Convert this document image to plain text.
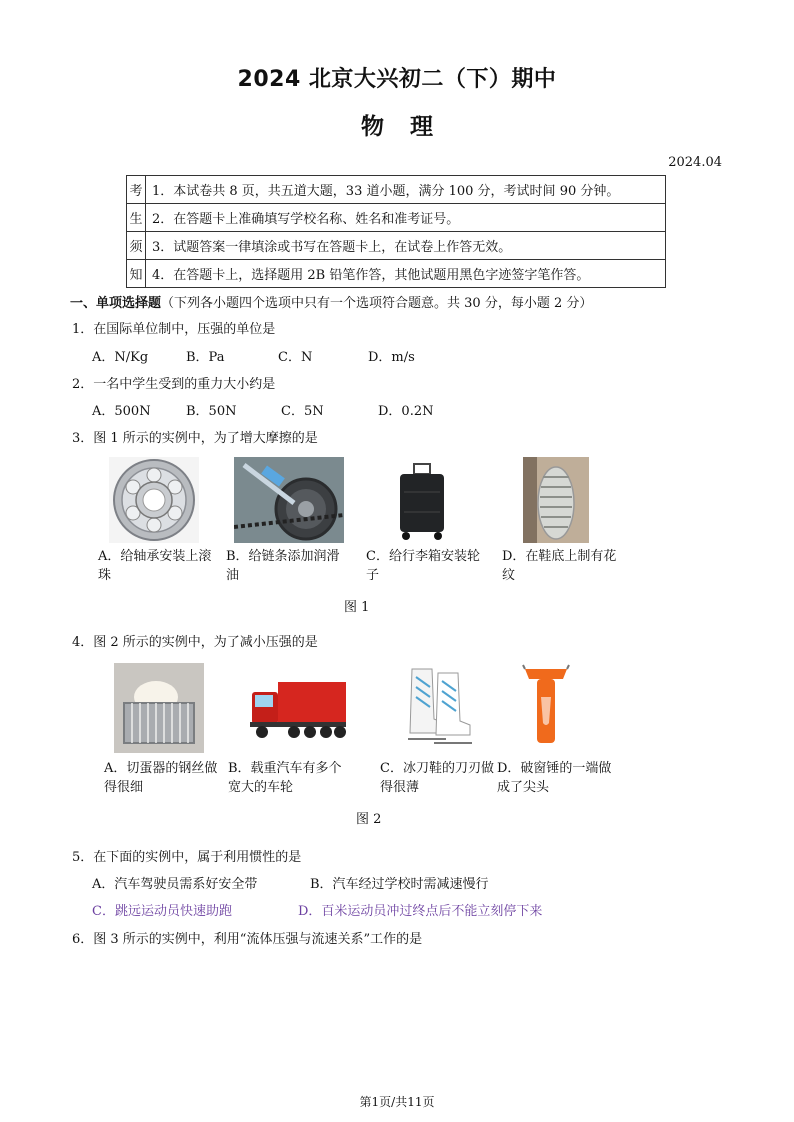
2024 北京大兴初二（下）期中
物理
2024.04
考	1．本试卷共 8 页，共五道大题，33 道小题，满分 100 分，考试时间 90 分钟。
生	2．在答题卡上准确填写学校名称、姓名和准考证号。
须	3．试题答案一律填涂或书写在答题卡上，在试卷上作答无效。
知	4．在答题卡上，选择题用 2B 铅笔作答，其他试题用黑色字迹签字笔作答。
一、单项选择题（下列各小题四个选项中只有一个选项符合题意。共 30 分，每小题 2 分）
1．在国际单位制中，压强的单位是
A．N/Kg	B．Pa	C．N	D．m/s
2．一名中学生受到的重力大小约是
A．500N	B．50N	C．5N	D．0.2N
3．图 1 所示的实例中，为了增大摩擦的是
A．给轴承安装上滚珠
B．给链条添加润滑油
C．给行李箱安装轮子
D．在鞋底上制有花纹
图 1
4．图 2 所示的实例中，为了减小压强的是
A．切蛋器的钢丝做得很细
B．载重汽车有多个宽大的车轮
C．冰刀鞋的刀刃做得很薄
D．破窗锤的一端做成了尖头
图 2
5．在下面的实例中，属于利用惯性的是
A．汽车驾驶员需系好安全带	B．汽车经过学校时需减速慢行
C．跳远运动员快速助跑	D．百米运动员冲过终点后不能立刻停下来
6．图 3 所示的实例中，利用“流体压强与流速关系”工作的是
第1页/共11页
